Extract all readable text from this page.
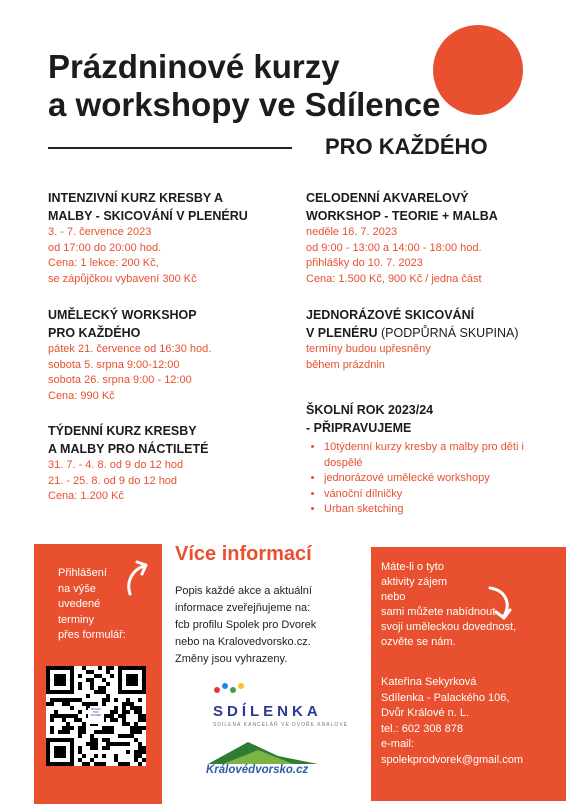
Prázdninové kurzy
a workshopy ve Sdílence
PRO KAŽDÉHO
INTENZIVNÍ KURZ KRESBY A
MALBY - SKICOVÁNÍ V PLENÉRU
3. - 7. července 2023
od 17:00 do 20:00 hod.
Cena: 1 lekce: 200 Kč,
se zápůjčkou vybavení 300 Kč
UMĚLECKÝ WORKSHOP
PRO KAŽDÉHO
pátek 21. července od 16:30 hod.
sobota 5. srpna 9:00-12:00
sobota 26. srpna 9:00 - 12:00
Cena: 990 Kč
TÝDENNÍ KURZ KRESBY
A MALBY PRO NÁCTILETÉ
31. 7. - 4. 8. od 9 do 12 hod
21. - 25. 8. od 9 do 12 hod
Cena: 1.200 Kč
CELODENNÍ AKVARELOVÝ
WORKSHOP - TEORIE + MALBA
neděle 16. 7. 2023
od 9:00 - 13:00 a 14:00 - 18:00 hod.
přihlášky do 10. 7. 2023
Cena: 1.500 Kč, 900 Kč / jedna část
JEDNORÁZOVÉ SKICOVÁNÍ
V PLENÉRU (PODPŮRNÁ SKUPINA)
termíny budou upřesněny
během prázdnin
ŠKOLNÍ ROK 2023/24
- PŘIPRAVUJEME
• 10týdenní kurzy kresby a malby pro děti i dospělé
• jednorázové umělecké workshopy
• vánoční dílničky
• Urban sketching
Přihlášení
na výše
uvedené
terminy
přes formulář:
SPOLEK PRO DVOREK
Více informací
Popis každé akce a aktuální
informace zveřejňujeme na:
fcb profilu Spolek pro Dvorek
nebo na Kralovedvorsko.cz.
Změny jsou vyhrazeny.
SDÍLENKA
SDÍLENÁ KANCELÁŘ VE DVOŘE KRÁLOVÉ
Královédvorsko.cz
Máte-li o tyto
aktivity zájem
nebo
sami můžete nabídnout
svoji uměleckou dovednost,
ozvěte se nám.
Kateřina Sekyrková
Sdílenka - Palackého 106,
Dvůr Králové n. L.
tel.: 602 308 878
e-mail:
spolekprodvorek@gmail.com
